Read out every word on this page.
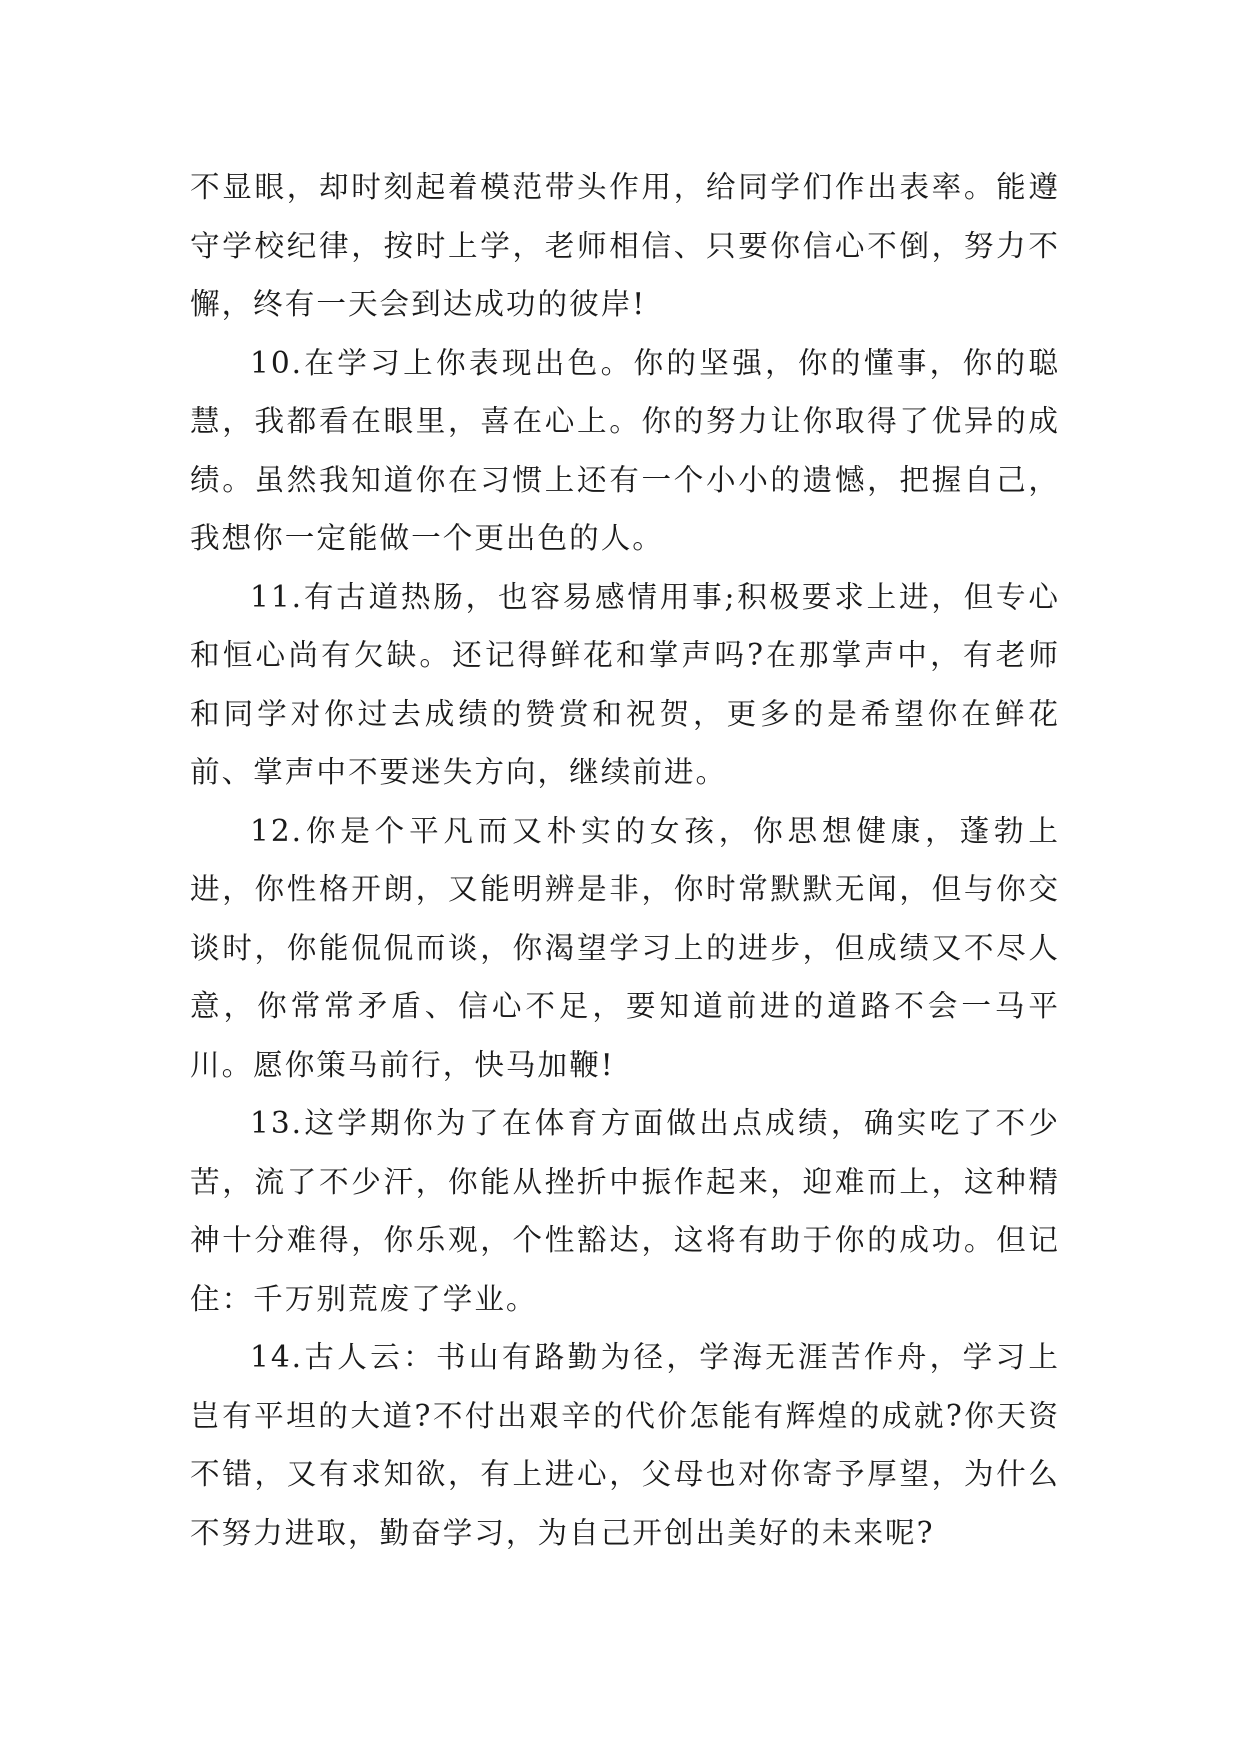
不显眼，却时刻起着模范带头作用，给同学们作出表率。能遵守学校纪律，按时上学，老师相信、只要你信心不倒，努力不懈，终有一天会到达成功的彼岸!

10.在学习上你表现出色。你的坚强，你的懂事，你的聪慧，我都看在眼里，喜在心上。你的努力让你取得了优异的成绩。虽然我知道你在习惯上还有一个小小的遗憾，把握自己，我想你一定能做一个更出色的人。

11.有古道热肠，也容易感情用事;积极要求上进，但专心和恒心尚有欠缺。还记得鲜花和掌声吗?在那掌声中，有老师和同学对你过去成绩的赞赏和祝贺，更多的是希望你在鲜花前、掌声中不要迷失方向，继续前进。

12.你是个平凡而又朴实的女孩，你思想健康，蓬勃上进，你性格开朗，又能明辨是非，你时常默默无闻，但与你交谈时，你能侃侃而谈，你渴望学习上的进步，但成绩又不尽人意，你常常矛盾、信心不足，要知道前进的道路不会一马平川。愿你策马前行，快马加鞭!

13.这学期你为了在体育方面做出点成绩，确实吃了不少苦，流了不少汗，你能从挫折中振作起来，迎难而上，这种精神十分难得，你乐观，个性豁达，这将有助于你的成功。但记住：千万别荒废了学业。

14.古人云：书山有路勤为径，学海无涯苦作舟，学习上岂有平坦的大道?不付出艰辛的代价怎能有辉煌的成就?你天资不错，又有求知欲，有上进心，父母也对你寄予厚望，为什么不努力进取，勤奋学习，为自己开创出美好的未来呢?
